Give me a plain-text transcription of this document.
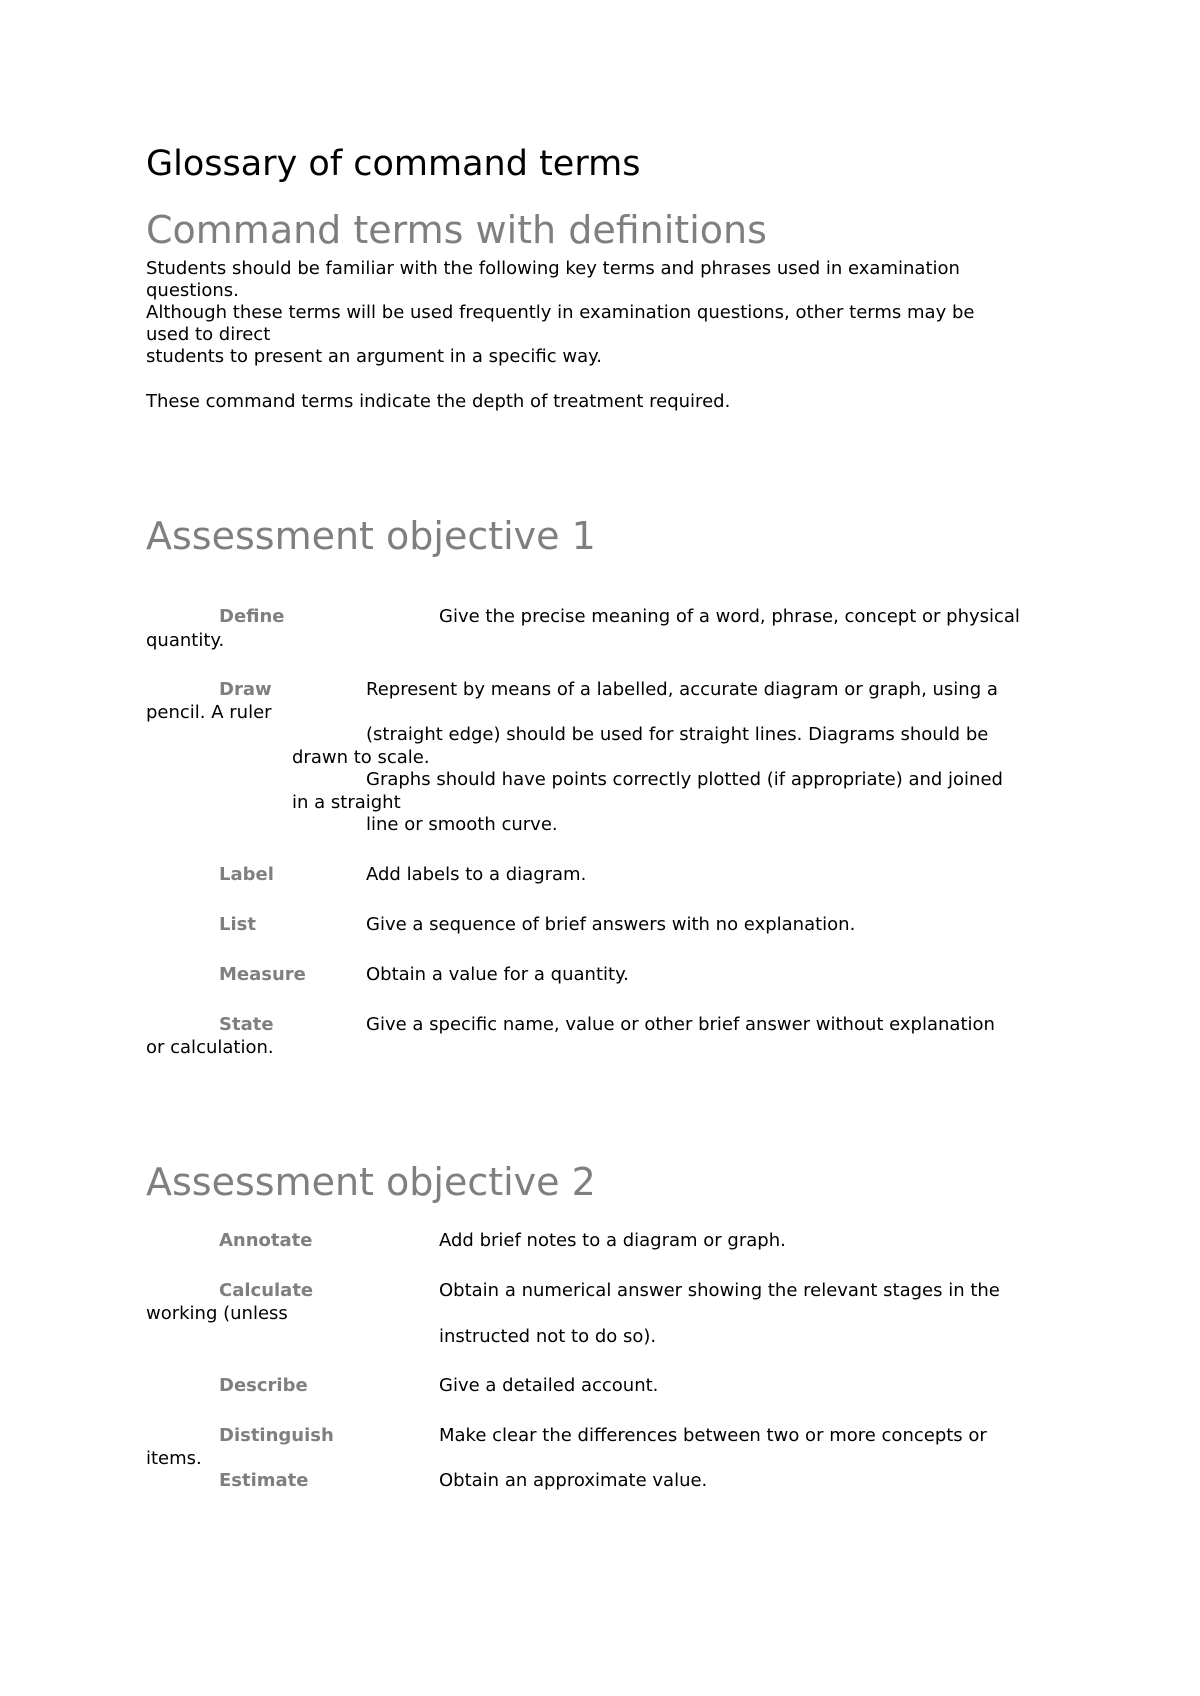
Glossary of command terms
Command terms with definitions
Students should be familiar with the following key terms and phrases used in examination
questions.
Although these terms will be used frequently in examination questions, other terms may be
used to direct
students to present an argument in a specific way.
These command terms indicate the depth of treatment required.
Assessment objective 1
Define	Give the precise meaning of a word, phrase, concept or physical
quantity.
Draw	Represent by means of a labelled, accurate diagram or graph, using a
pencil. A ruler
(straight edge) should be used for straight lines. Diagrams should be
drawn to scale.
Graphs should have points correctly plotted (if appropriate) and joined
in a straight
line or smooth curve.
Label	Add labels to a diagram.
List	Give a sequence of brief answers with no explanation.
Measure	Obtain a value for a quantity.
State	Give a specific name, value or other brief answer without explanation
or calculation.
Assessment objective 2
Annotate	Add brief notes to a diagram or graph.
Calculate	Obtain a numerical answer showing the relevant stages in the
working (unless
instructed not to do so).
Describe	Give a detailed account.
Distinguish	Make clear the differences between two or more concepts or
items.
Estimate	Obtain an approximate value.
